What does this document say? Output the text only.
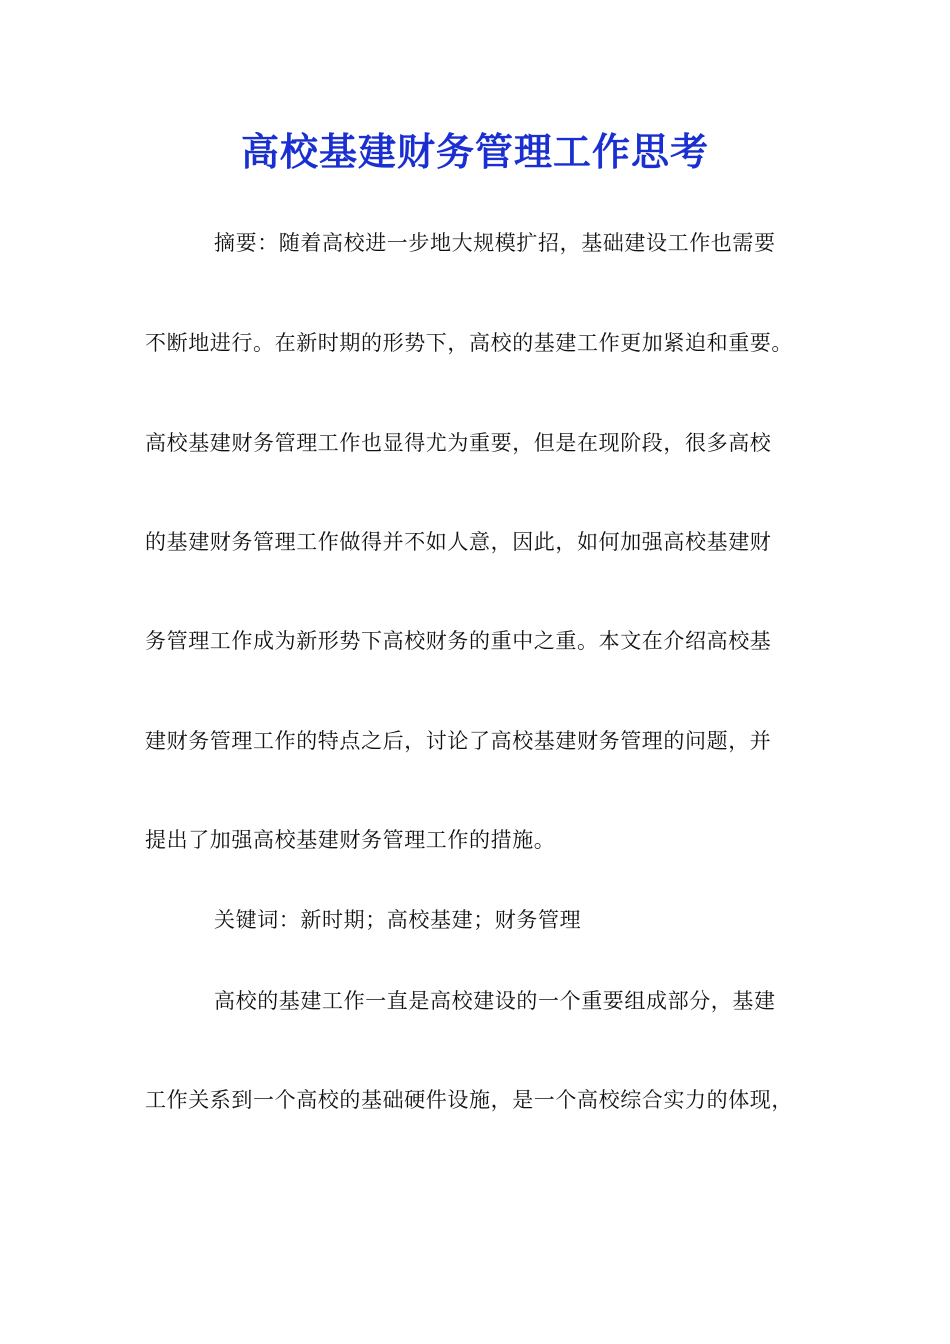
高校基建财务管理工作思考
摘要：随着高校进一步地大规模扩招，基础建设工作也需要
不断地进行。在新时期的形势下，高校的基建工作更加紧迫和重要。
高校基建财务管理工作也显得尤为重要，但是在现阶段，很多高校
的基建财务管理工作做得并不如人意，因此，如何加强高校基建财
务管理工作成为新形势下高校财务的重中之重。本文在介绍高校基
建财务管理工作的特点之后，讨论了高校基建财务管理的问题，并
提出了加强高校基建财务管理工作的措施。
关键词：新时期；高校基建；财务管理
高校的基建工作一直是高校建设的一个重要组成部分，基建
工作关系到一个高校的基础硬件设施，是一个高校综合实力的体现，
